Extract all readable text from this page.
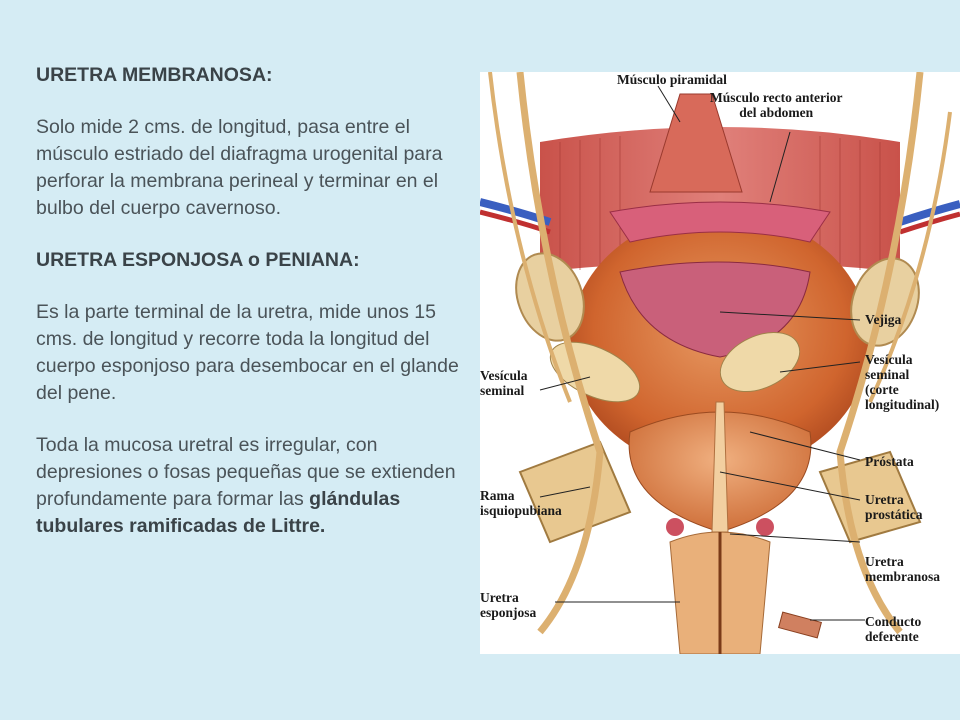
URETRA MEMBRANOSA:

Solo mide 2 cms. de longitud, pasa entre el músculo estriado del diafragma urogenital para perforar la membrana perineal y terminar en el bulbo del cuerpo cavernoso.

URETRA ESPONJOSA o PENIANA:

Es la parte terminal de la uretra, mide unos 15 cms. de longitud y recorre toda la longitud del cuerpo esponjoso para desembocar en el glande del pene.

Toda la mucosa uretral es irregular, con depresiones o fosas pequeñas que se extienden profundamente para formar las glándulas tubulares ramificadas de Littre.

Músculo piramidal
Músculo recto anterior
del abdomen
Vejiga
Vesícula
seminal
(corte
longitudinal)
Vesícula
seminal
Próstata
Rama
isquiopubiana
Uretra
prostática
Uretra
membranosa
Uretra
esponjosa
Conducto
deferente
